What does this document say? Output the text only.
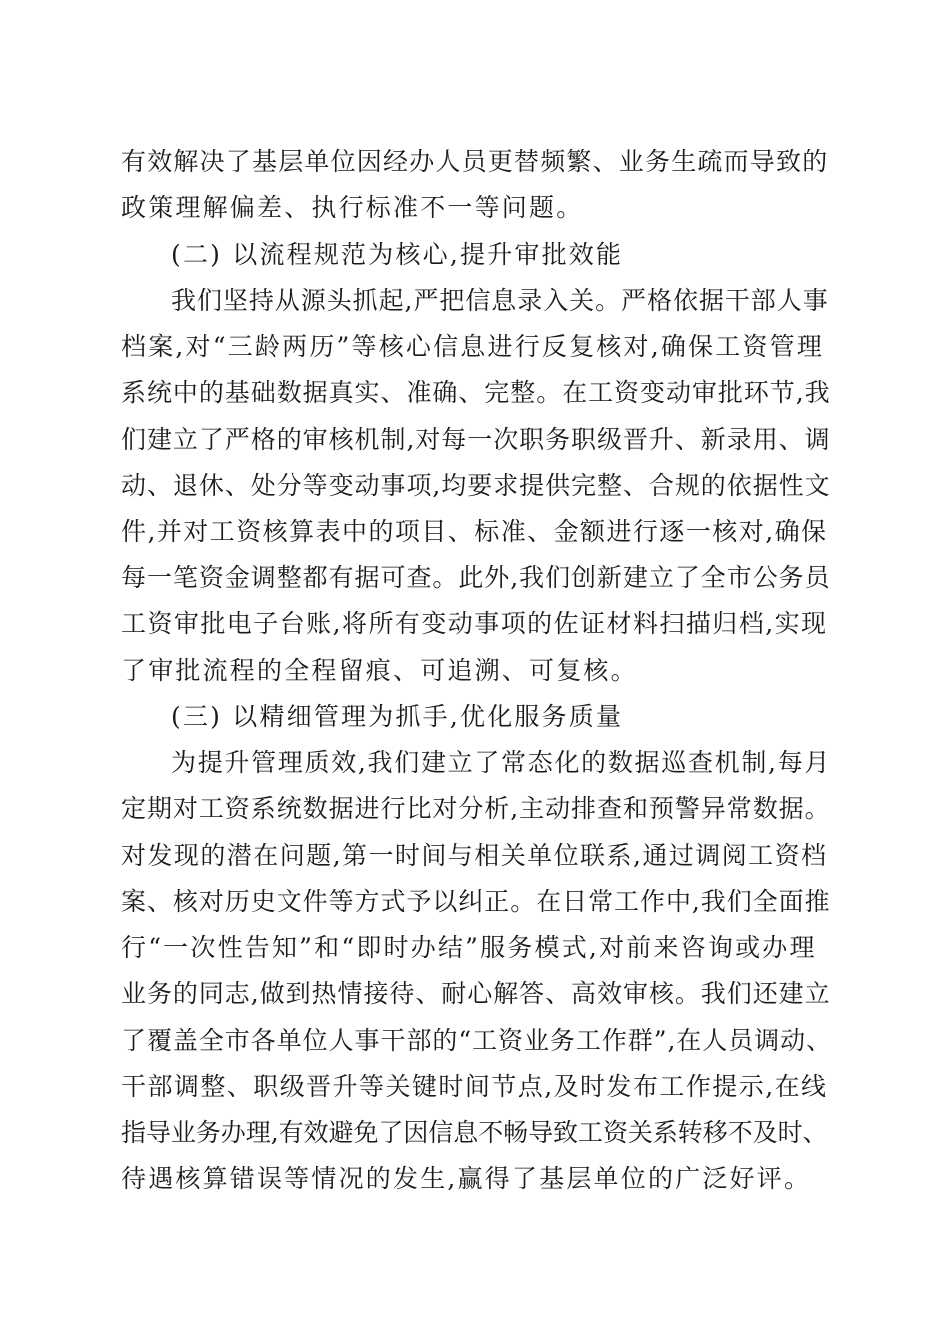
有效解决了基层单位因经办人员更替频繁、业务生疏而导致的
政策理解偏差、执行标准不一等问题。
(二) 以流程规范为核心,提升审批效能
我们坚持从源头抓起,严把信息录入关。严格依据干部人事
档案,对“三龄两历”等核心信息进行反复核对,确保工资管理
系统中的基础数据真实、准确、完整。在工资变动审批环节,我
们建立了严格的审核机制,对每一次职务职级晋升、新录用、调
动、退休、处分等变动事项,均要求提供完整、合规的依据性文
件,并对工资核算表中的项目、标准、金额进行逐一核对,确保
每一笔资金调整都有据可查。此外,我们创新建立了全市公务员
工资审批电子台账,将所有变动事项的佐证材料扫描归档,实现
了审批流程的全程留痕、可追溯、可复核。
(三) 以精细管理为抓手,优化服务质量
为提升管理质效,我们建立了常态化的数据巡查机制,每月
定期对工资系统数据进行比对分析,主动排查和预警异常数据。
对发现的潜在问题,第一时间与相关单位联系,通过调阅工资档
案、核对历史文件等方式予以纠正。在日常工作中,我们全面推
行“一次性告知”和“即时办结”服务模式,对前来咨询或办理
业务的同志,做到热情接待、耐心解答、高效审核。我们还建立
了覆盖全市各单位人事干部的“工资业务工作群”,在人员调动、
干部调整、职级晋升等关键时间节点,及时发布工作提示,在线
指导业务办理,有效避免了因信息不畅导致工资关系转移不及时、
待遇核算错误等情况的发生,赢得了基层单位的广泛好评。
